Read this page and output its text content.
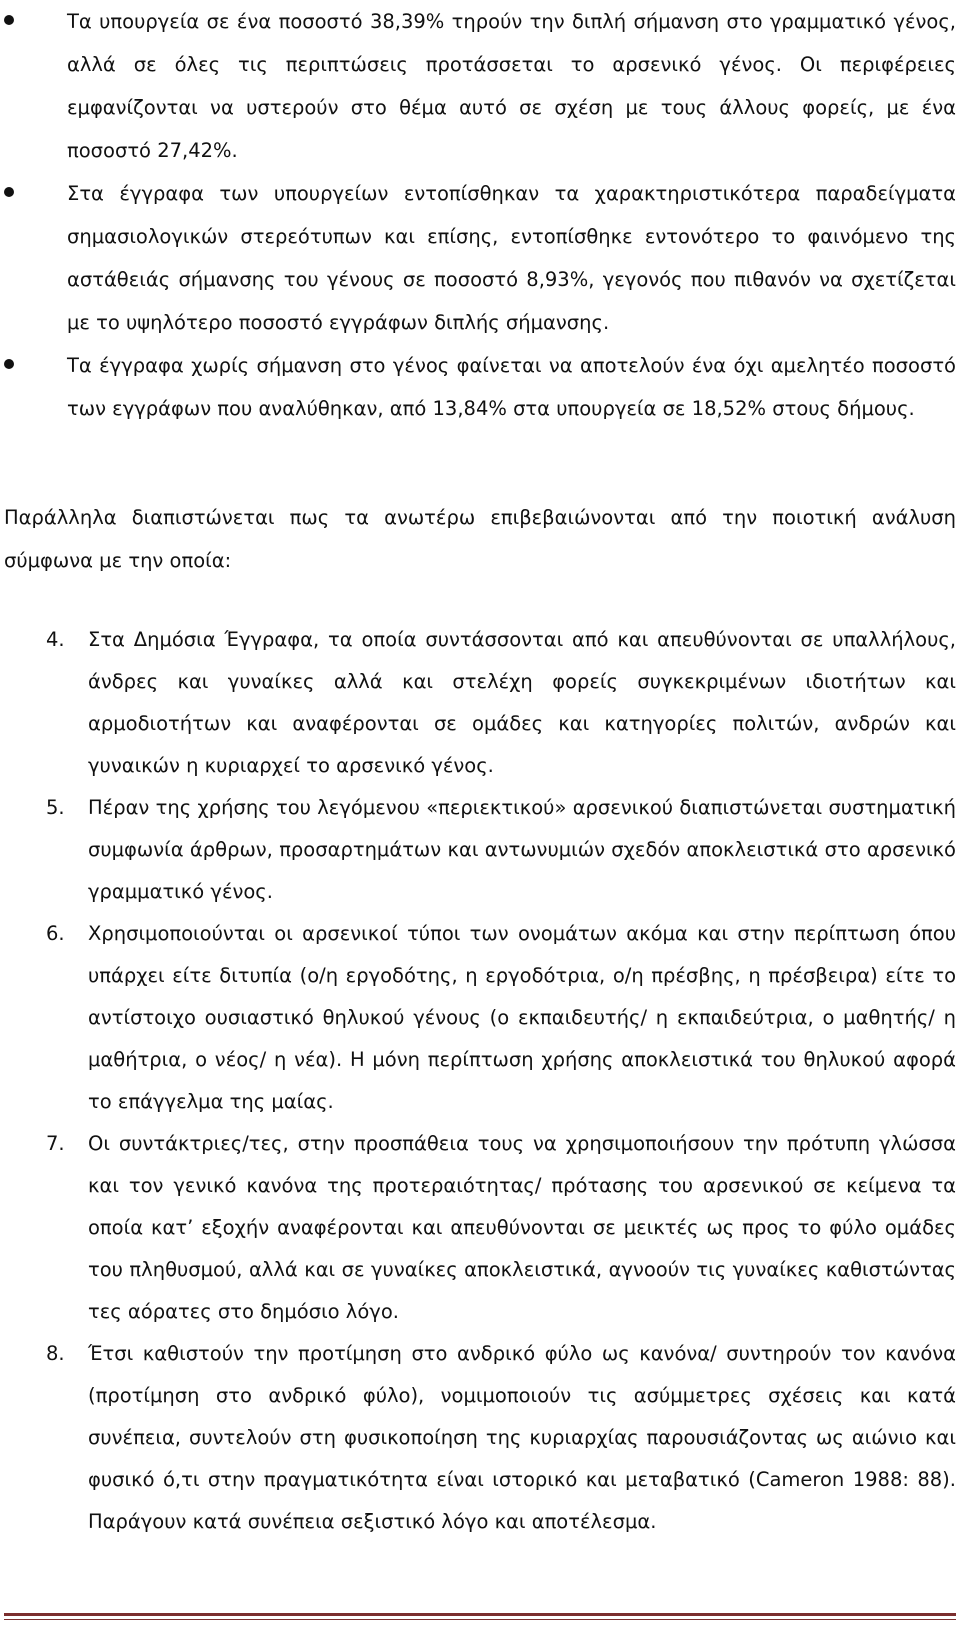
Τα υπουργεία σε ένα ποσοστό 38,39% τηρούν την διπλή σήμανση στο γραμματικό γένος, αλλά σε όλες τις περιπτώσεις προτάσσεται το αρσενικό γένος. Οι περιφέρειες εμφανίζονται να υστερούν στο θέμα αυτό σε σχέση με τους άλλους φορείς, με ένα ποσοστό 27,42%.
Στα έγγραφα των υπουργείων εντοπίσθηκαν τα χαρακτηριστικότερα παραδείγματα σημασιολογικών στερεότυπων και επίσης, εντοπίσθηκε εντονότερο το φαινόμενο της αστάθειάς σήμανσης του γένους σε ποσοστό 8,93%, γεγονός που πιθανόν να σχετίζεται με το υψηλότερο ποσοστό εγγράφων διπλής σήμανσης.
Τα έγγραφα χωρίς σήμανση στο γένος φαίνεται να αποτελούν ένα όχι αμελητέο ποσοστό των εγγράφων που αναλύθηκαν, από 13,84% στα υπουργεία σε 18,52% στους δήμους.

Παράλληλα διαπιστώνεται πως τα ανωτέρω επιβεβαιώνονται από την ποιοτική ανάλυση σύμφωνα με την οποία:

4. Στα Δημόσια Έγγραφα, τα οποία συντάσσονται από και απευθύνονται σε υπαλλήλους, άνδρες και γυναίκες αλλά και στελέχη φορείς συγκεκριμένων ιδιοτήτων και αρμοδιοτήτων και αναφέρονται σε ομάδες και κατηγορίες πολιτών, ανδρών και γυναικών η κυριαρχεί το αρσενικό γένος.
5. Πέραν της χρήσης του λεγόμενου «περιεκτικού» αρσενικού διαπιστώνεται συστηματική συμφωνία άρθρων, προσαρτημάτων και αντωνυμιών σχεδόν αποκλειστικά στο αρσενικό γραμματικό γένος.
6. Χρησιμοποιούνται οι αρσενικοί τύποι των ονομάτων ακόμα και στην περίπτωση όπου υπάρχει είτε διτυπία (ο/η εργοδότης, η εργοδότρια, ο/η πρέσβης, η πρέσβειρα) είτε το αντίστοιχο ουσιαστικό θηλυκού γένους (ο εκπαιδευτής/ η εκπαιδεύτρια, ο μαθητής/ η μαθήτρια, ο νέος/ η νέα). Η μόνη περίπτωση χρήσης αποκλειστικά του θηλυκού αφορά το επάγγελμα της μαίας.
7. Οι συντάκτριες/τες, στην προσπάθεια τους να χρησιμοποιήσουν την πρότυπη γλώσσα και τον γενικό κανόνα της προτεραιότητας/ πρότασης του αρσενικού σε κείμενα τα οποία κατ’ εξοχήν αναφέρονται και απευθύνονται σε μεικτές ως προς το φύλο ομάδες του πληθυσμού, αλλά και σε γυναίκες αποκλειστικά, αγνοούν τις γυναίκες καθιστώντας τες αόρατες στο δημόσιο λόγο.
8. Έτσι καθιστούν την προτίμηση στο ανδρικό φύλο ως κανόνα/ συντηρούν τον κανόνα (προτίμηση στο ανδρικό φύλο), νομιμοποιούν τις ασύμμετρες σχέσεις και κατά συνέπεια, συντελούν στη φυσικοποίηση της κυριαρχίας παρουσιάζοντας ως αιώνιο και φυσικό ό,τι στην πραγματικότητα είναι ιστορικό και μεταβατικό (Cameron 1988: 88). Παράγουν κατά συνέπεια σεξιστικό λόγο και αποτέλεσμα.
